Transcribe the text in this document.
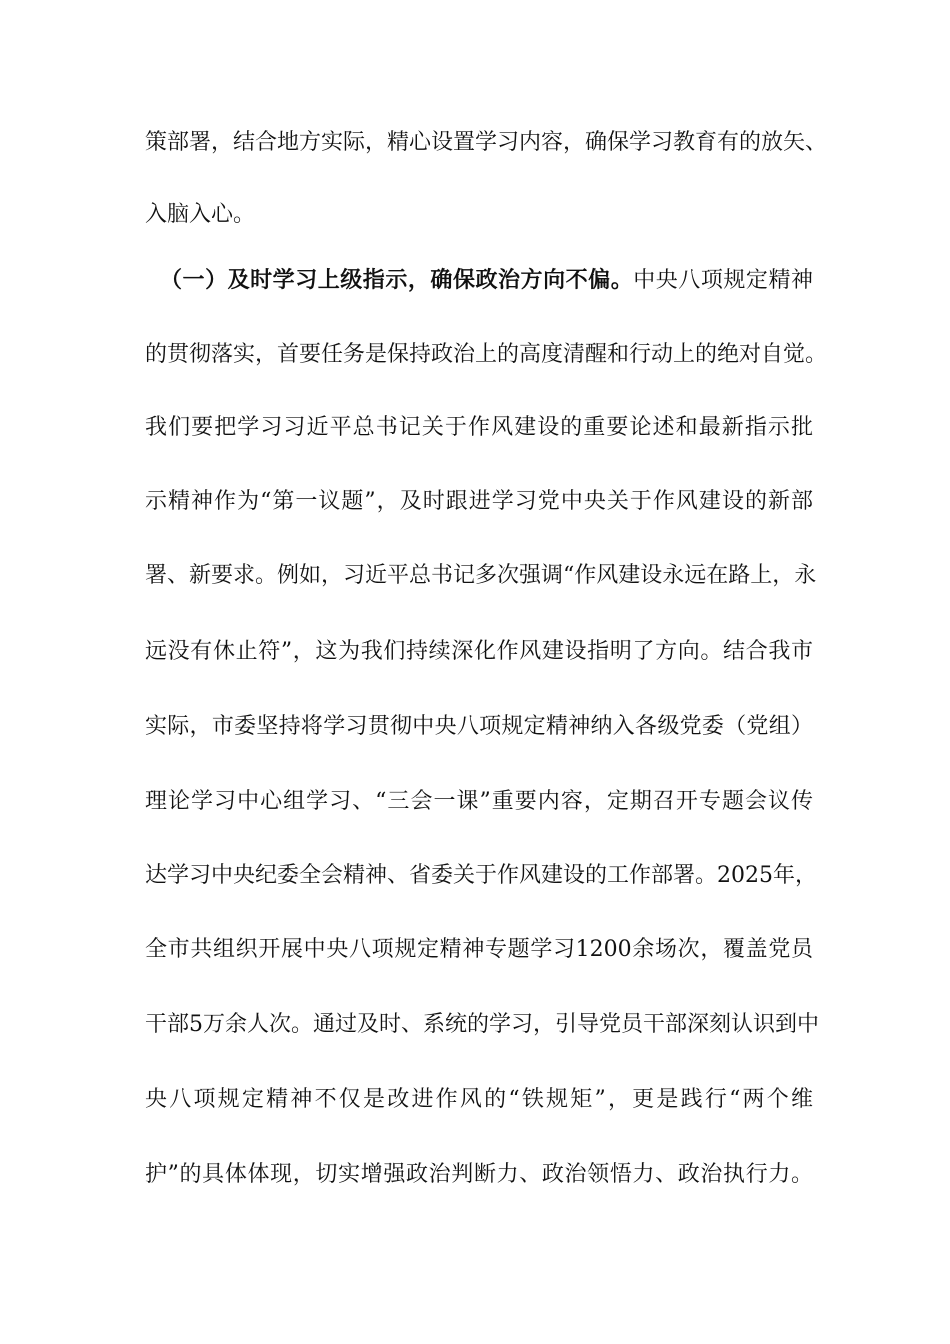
策部署，结合地方实际，精心设置学习内容，确保学习教育有的放矢、
入脑入心。
（一）及时学习上级指示，确保政治方向不偏。中央八项规定精神
的贯彻落实，首要任务是保持政治上的高度清醒和行动上的绝对自觉。
我们要把学习习近平总书记关于作风建设的重要论述和最新指示批
示精神作为“第一议题”，及时跟进学习党中央关于作风建设的新部
署、新要求。例如，习近平总书记多次强调“作风建设永远在路上，永
远没有休止符”，这为我们持续深化作风建设指明了方向。结合我市
实际，市委坚持将学习贯彻中央八项规定精神纳入各级党委（党组）
理论学习中心组学习、“三会一课”重要内容，定期召开专题会议传
达学习中央纪委全会精神、省委关于作风建设的工作部署。2025年，
全市共组织开展中央八项规定精神专题学习1200余场次，覆盖党员
干部5万余人次。通过及时、系统的学习，引导党员干部深刻认识到中
央八项规定精神不仅是改进作风的“铁规矩”，更是践行“两个维
护”的具体体现，切实增强政治判断力、政治领悟力、政治执行力。
